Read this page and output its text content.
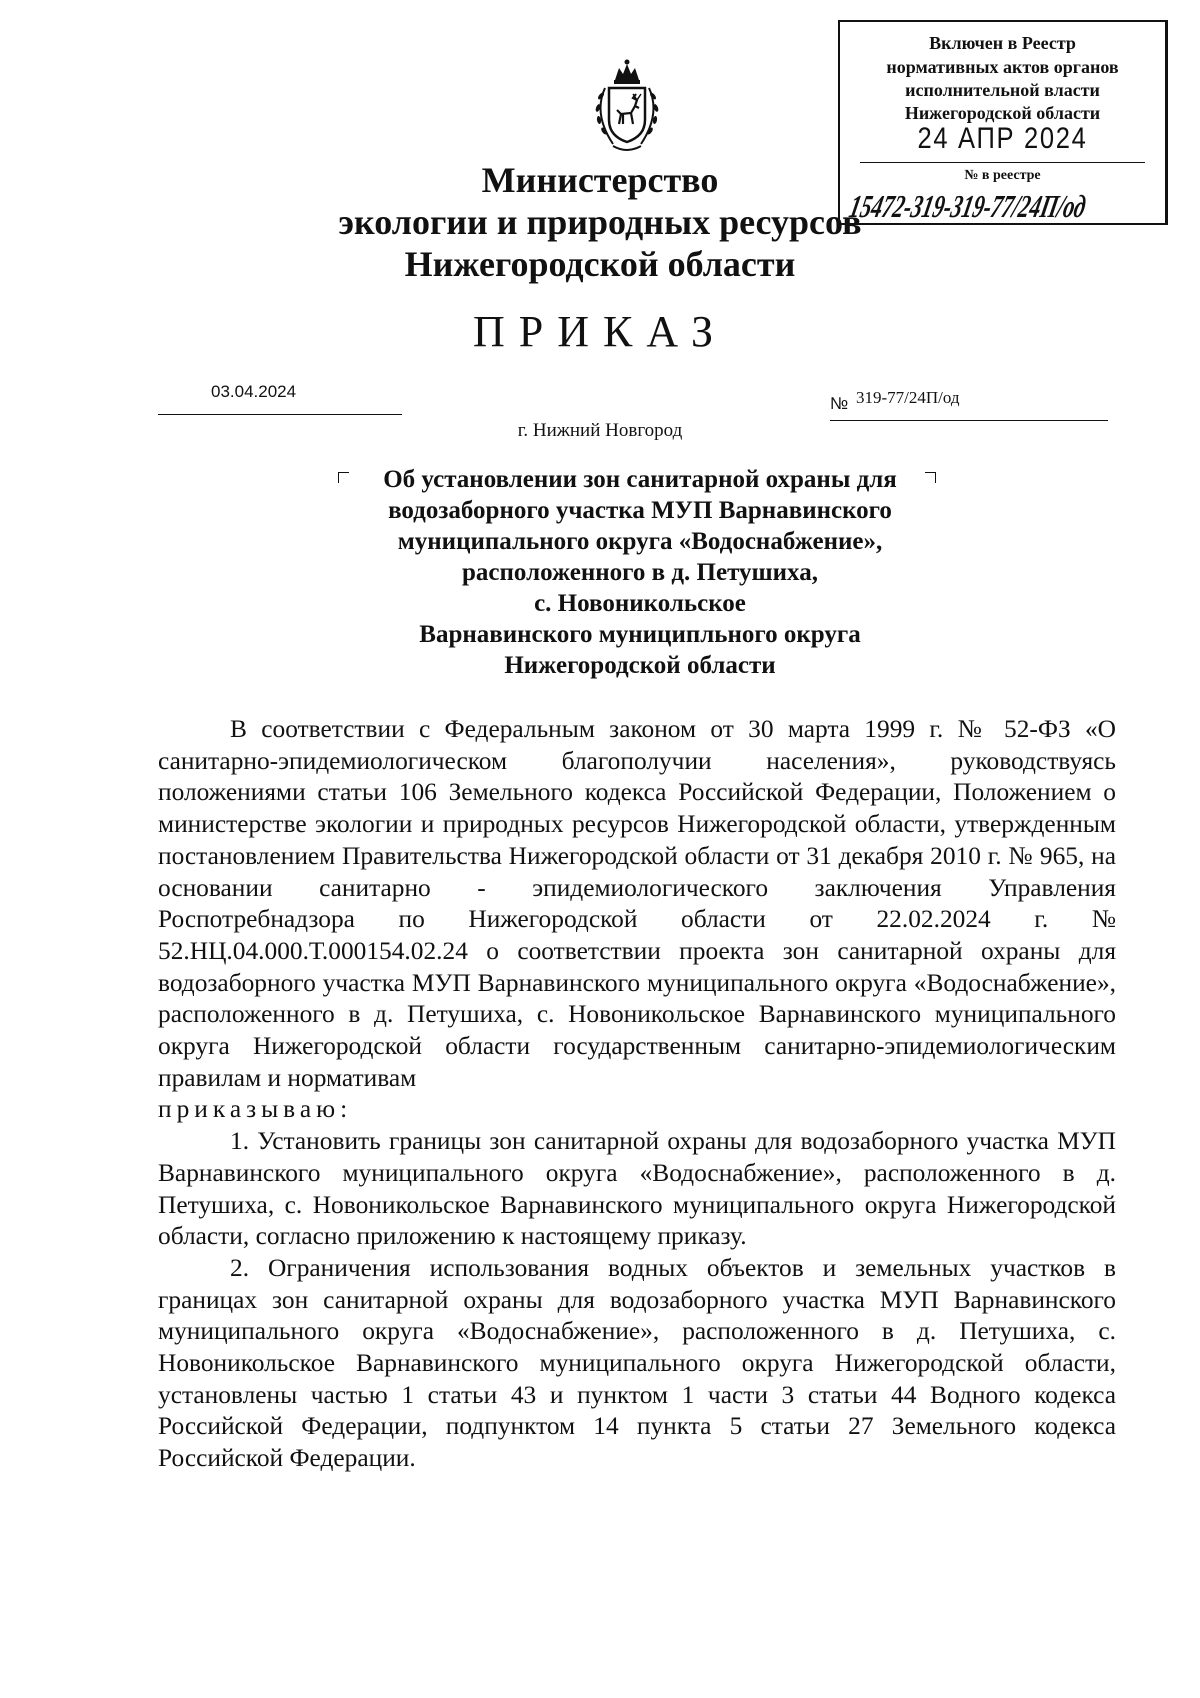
Включен в Реестр
нормативных актов органов
исполнительной власти
Нижегородской области
24 АПР 2024
№ в реестре
15472-319-319-77/24П/од
Министерство
экологии и природных ресурсов
Нижегородской области
ПРИКАЗ
03.04.2024
№ 319-77/24П/од
г. Нижний Новгород
Об установлении зон санитарной охраны для
водозаборного участка МУП Варнавинского
муниципального округа «Водоснабжение»,
расположенного в д. Петушиха,
с. Новоникольское
Варнавинского муниципльного округа
Нижегородской области

В соответствии с Федеральным законом от 30 марта 1999 г. № 52-ФЗ «О санитарно-эпидемиологическом благополучии населения», руководствуясь положениями статьи 106 Земельного кодекса Российской Федерации, Положением о министерстве экологии и природных ресурсов Нижегородской области, утвержденным постановлением Правительства Нижегородской области от 31 декабря 2010 г. № 965, на основании санитарно - эпидемиологического заключения Управления Роспотребнадзора по Нижегородской области от 22.02.2024 г. № 52.НЦ.04.000.Т.000154.02.24 о соответствии проекта зон санитарной охраны для водозаборного участка МУП Варнавинского муниципального округа «Водоснабжение», расположенного в д. Петушиха, с. Новоникольское Варнавинского муниципального округа Нижегородской области государственным санитарно-эпидемиологическим правилам и нормативам

приказываю:

1. Установить границы зон санитарной охраны для водозаборного участка МУП Варнавинского муниципального округа «Водоснабжение», расположенного в д. Петушиха, с. Новоникольское Варнавинского муниципального округа Нижегородской области, согласно приложению к настоящему приказу.

2. Ограничения использования водных объектов и земельных участков в границах зон санитарной охраны для водозаборного участка МУП Варнавинского муниципального округа «Водоснабжение», расположенного в д. Петушиха, с. Новоникольское Варнавинского муниципального округа Нижегородской области, установлены частью 1 статьи 43 и пунктом 1 части 3 статьи 44 Водного кодекса Российской Федерации, подпунктом 14 пункта 5 статьи 27 Земельного кодекса Российской Федерации.
